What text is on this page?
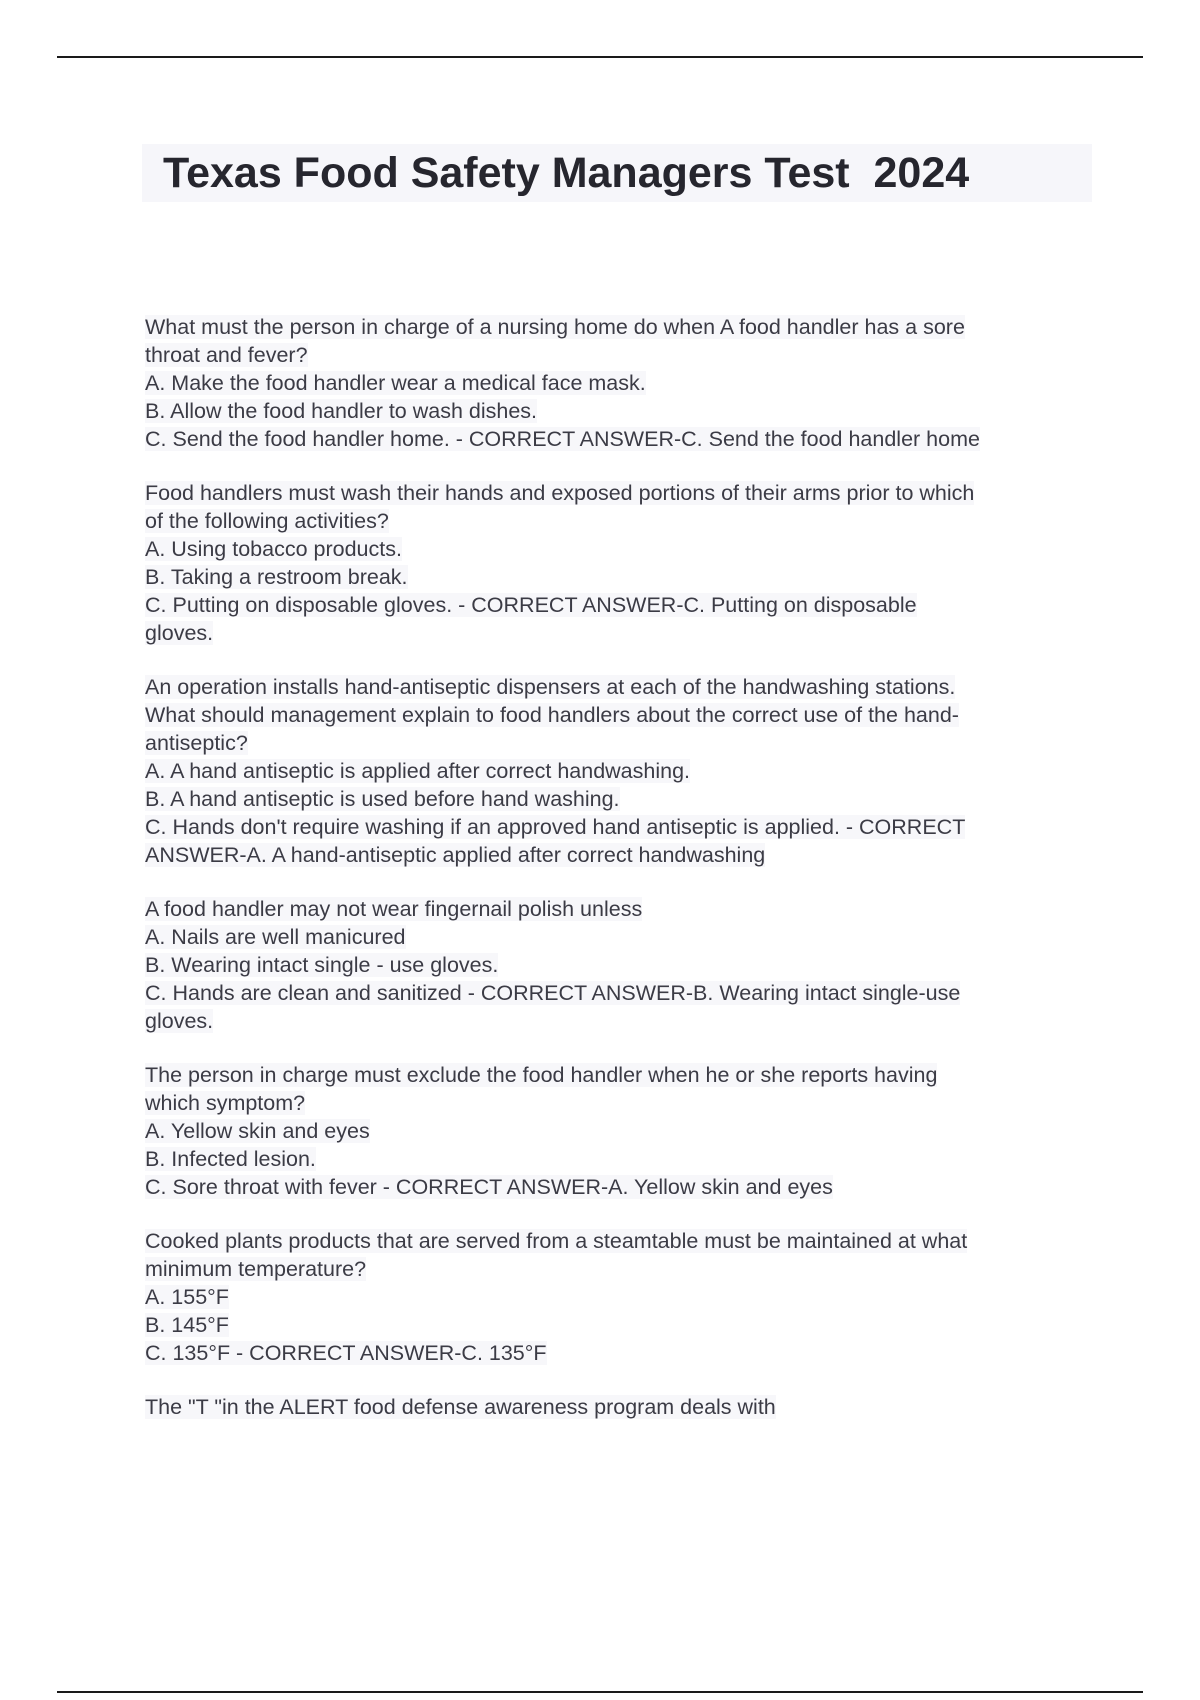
Texas Food Safety Managers Test  2024
What must the person in charge of a nursing home do when A food handler has a sore
throat and fever?
A. Make the food handler wear a medical face mask.
B. Allow the food handler to wash dishes.
C. Send the food handler home. - CORRECT ANSWER-C. Send the food handler home
Food handlers must wash their hands and exposed portions of their arms prior to which
of the following activities?
A. Using tobacco products.
B. Taking a restroom break.
C. Putting on disposable gloves. - CORRECT ANSWER-C. Putting on disposable
gloves.
An operation installs hand-antiseptic dispensers at each of the handwashing stations.
What should management explain to food handlers about the correct use of the hand-
antiseptic?
A. A hand antiseptic is applied after correct handwashing.
B. A hand antiseptic is used before hand washing.
C. Hands don't require washing if an approved hand antiseptic is applied. - CORRECT
ANSWER-A. A hand-antiseptic applied after correct handwashing
A food handler may not wear fingernail polish unless
A. Nails are well manicured
B. Wearing intact single - use gloves.
C. Hands are clean and sanitized - CORRECT ANSWER-B. Wearing intact single-use
gloves.
The person in charge must exclude the food handler when he or she reports having
which symptom?
A. Yellow skin and eyes
B. Infected lesion.
C. Sore throat with fever - CORRECT ANSWER-A. Yellow skin and eyes
Cooked plants products that are served from a steamtable must be maintained at what
minimum temperature?
A. 155°F
B. 145°F
C. 135°F - CORRECT ANSWER-C. 135°F
The "T "in the ALERT food defense awareness program deals with
